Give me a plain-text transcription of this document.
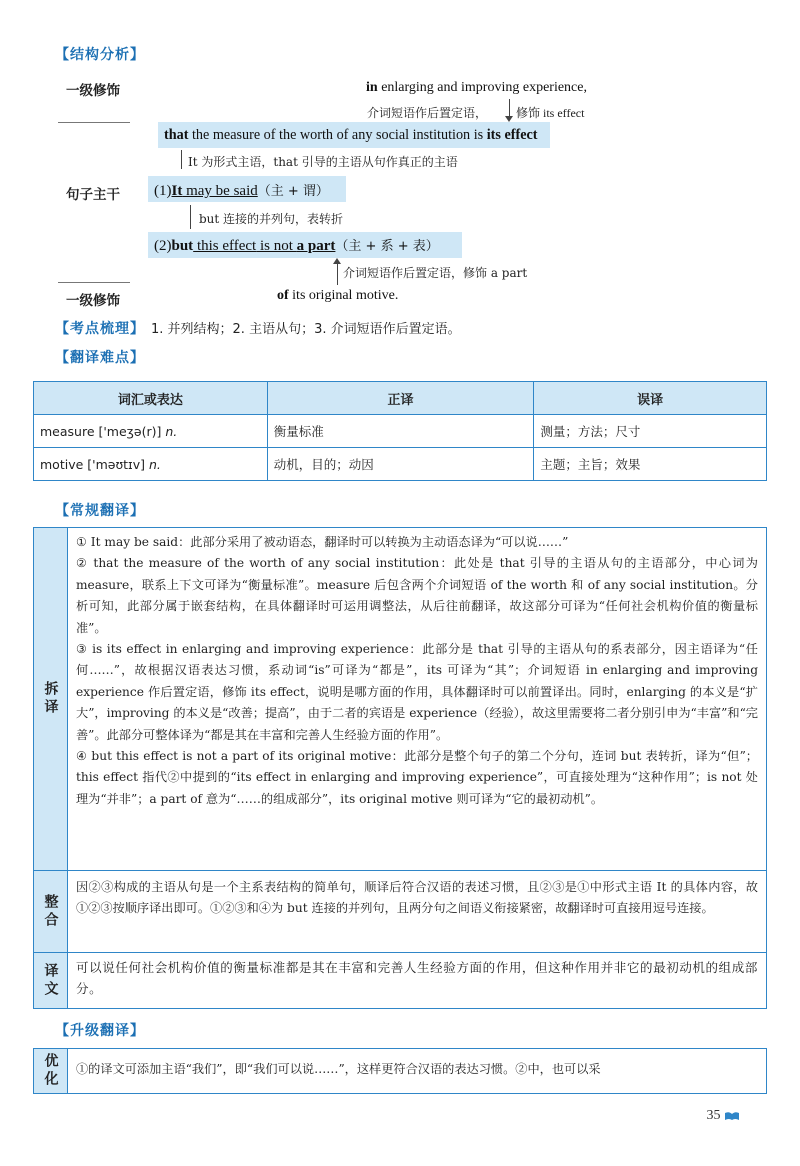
【结构分析】
一级修饰
句子主干
一级修饰
in enlarging and improving experience,
介词短语作后置定语， 修饰 its effect
that the measure of the worth of any social institution is its effect
It 为形式主语，that 引导的主语从句作真正的主语
(1)It may be said（主 + 谓）
but 连接的并列句，表转折
(2)but this effect is not a part（主 + 系 + 表）
介词短语作后置定语，修饰 a part
of its original motive.
【考点梳理】 1. 并列结构；2. 主语从句；3. 介词短语作后置定语。
【翻译难点】
词汇或表达	正译	误译
measure ['meʒə(r)] n.	衡量标准	测量；方法；尺寸
motive ['məʊtɪv] n.	动机，目的；动因	主题；主旨；效果
【常规翻译】
拆译

① It may be said：此部分采用了被动语态，翻译时可以转换为主动语态译为“可以说……”

② that the measure of the worth of any social institution：此处是 that 引导的主语从句的主语部分，中心词为 measure，联系上下文可译为“衡量标准”。measure 后包含两个介词短语 of the worth 和 of any social institution。分析可知，此部分属于嵌套结构，在具体翻译时可运用调整法，从后往前翻译，故这部分可译为“任何社会机构价值的衡量标准”。

③ is its effect in enlarging and improving experience：此部分是 that 引导的主语从句的系表部分，因主语译为“任何……”，故根据汉语表达习惯，系动词“is”可译为“都是”，its 可译为“其”；介词短语 in enlarging and improving experience 作后置定语，修饰 its effect，说明是哪方面的作用，具体翻译时可以前置译出。同时，enlarging 的本义是“扩大”，improving 的本义是“改善；提高”，由于二者的宾语是 experience（经验），故这里需要将二者分别引申为“丰富”和“完善”。此部分可整体译为“都是其在丰富和完善人生经验方面的作用”。

④ but this effect is not a part of its original motive：此部分是整个句子的第二个分句，连词 but 表转折，译为“但”；this effect 指代②中提到的“its effect in enlarging and improving experience”，可直接处理为“这种作用”；is not 处理为“并非”；a part of 意为“……的组成部分”，its original motive 则可译为“它的最初动机”。

整合
因②③构成的主语从句是一个主系表结构的简单句，顺译后符合汉语的表述习惯，且②③是①中形式主语 It 的具体内容，故①②③按顺序译出即可。①②③和④为 but 连接的并列句，且两分句之间语义衔接紧密，故翻译时可直接用逗号连接。
译文 可以说任何社会机构价值的衡量标准都是其在丰富和完善人生经验方面的作用，但这种作用并非它的最初动机的组成部分。
【升级翻译】
优化 ①的译文可添加主语“我们”，即“我们可以说……”，这样更符合汉语的表达习惯。②中，也可以采
35
